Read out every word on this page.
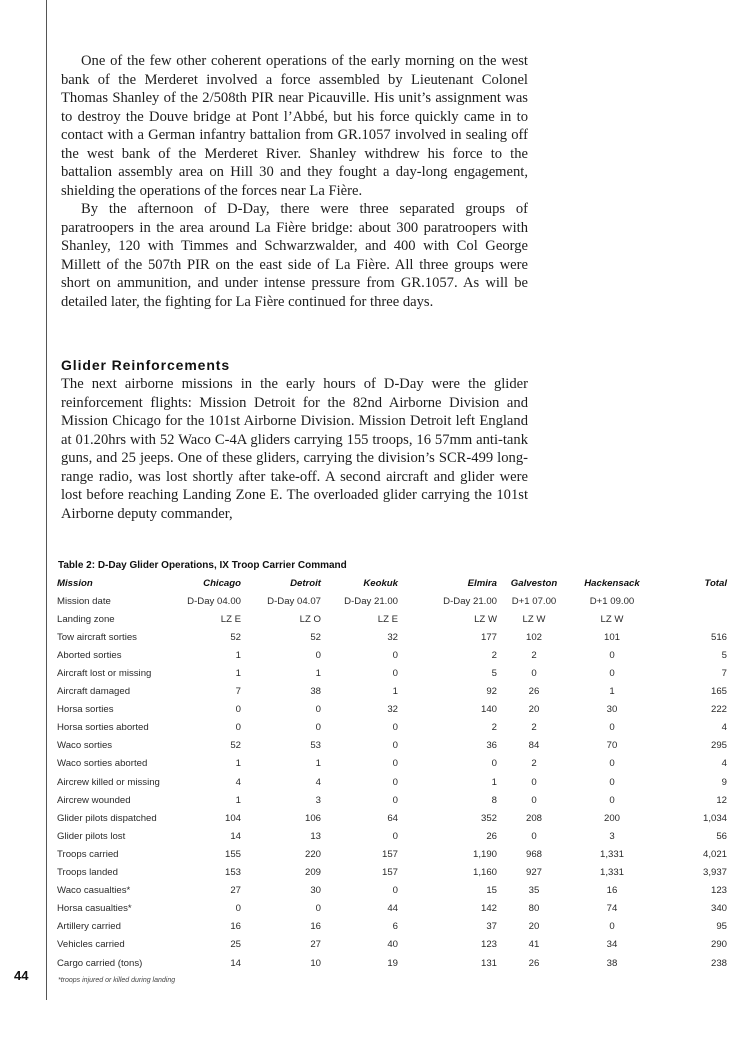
One of the few other coherent operations of the early morning on the west bank of the Merderet involved a force assembled by Lieutenant Colonel Thomas Shanley of the 2/508th PIR near Picauville. His unit’s assignment was to destroy the Douve bridge at Pont l’Abbé, but his force quickly came in to contact with a German infantry battalion from GR.1057 involved in sealing off the west bank of the Merderet River. Shanley withdrew his force to the battalion assembly area on Hill 30 and they fought a day-long engagement, shielding the operations of the forces near La Fière.

By the afternoon of D-Day, there were three separated groups of paratroopers in the area around La Fière bridge: about 300 paratroopers with Shanley, 120 with Timmes and Schwarzwalder, and 400 with Col George Millett of the 507th PIR on the east side of La Fière. All three groups were short on ammunition, and under intense pressure from GR.1057. As will be detailed later, the fighting for La Fière continued for three days.

Glider Reinforcements

The next airborne missions in the early hours of D-Day were the glider reinforcement flights: Mission Detroit for the 82nd Airborne Division and Mission Chicago for the 101st Airborne Division. Mission Detroit left England at 01.20hrs with 52 Waco C-4A gliders carrying 155 troops, 16 57mm anti-tank guns, and 25 jeeps. One of these gliders, carrying the division’s SCR-499 long-range radio, was lost shortly after take-off. A second aircraft and glider were lost before reaching Landing Zone E. The overloaded glider carrying the 101st Airborne deputy commander,

Table 2: D-Day Glider Operations, IX Troop Carrier Command
Mission	Chicago	Detroit	Keokuk	Elmira	Galveston	Hackensack	Total
Mission date	D-Day 04.00	D-Day 04.07	D-Day 21.00	D-Day 21.00	D+1 07.00	D+1 09.00	
Landing zone	LZ E	LZ O	LZ E	LZ W	LZ W	LZ W	
Tow aircraft sorties	52	52	32	177	102	101	516
Aborted sorties	1	0	0	2	2	0	5
Aircraft lost or missing	1	1	0	5	0	0	7
Aircraft damaged	7	38	1	92	26	1	165
Horsa sorties	0	0	32	140	20	30	222
Horsa sorties aborted	0	0	0	2	2	0	4
Waco sorties	52	53	0	36	84	70	295
Waco sorties aborted	1	1	0	0	2	0	4
Aircrew killed or missing	4	4	0	1	0	0	9
Aircrew wounded	1	3	0	8	0	0	12
Glider pilots dispatched	104	106	64	352	208	200	1,034
Glider pilots lost	14	13	0	26	0	3	56
Troops carried	155	220	157	1,190	968	1,331	4,021
Troops landed	153	209	157	1,160	927	1,331	3,937
Waco casualties*	27	30	0	15	35	16	123
Horsa casualties*	0	0	44	142	80	74	340
Artillery carried	16	16	6	37	20	0	95
Vehicles carried	25	27	40	123	41	34	290
Cargo carried (tons)	14	10	19	131	26	38	238
*troops injured or killed during landing
44
